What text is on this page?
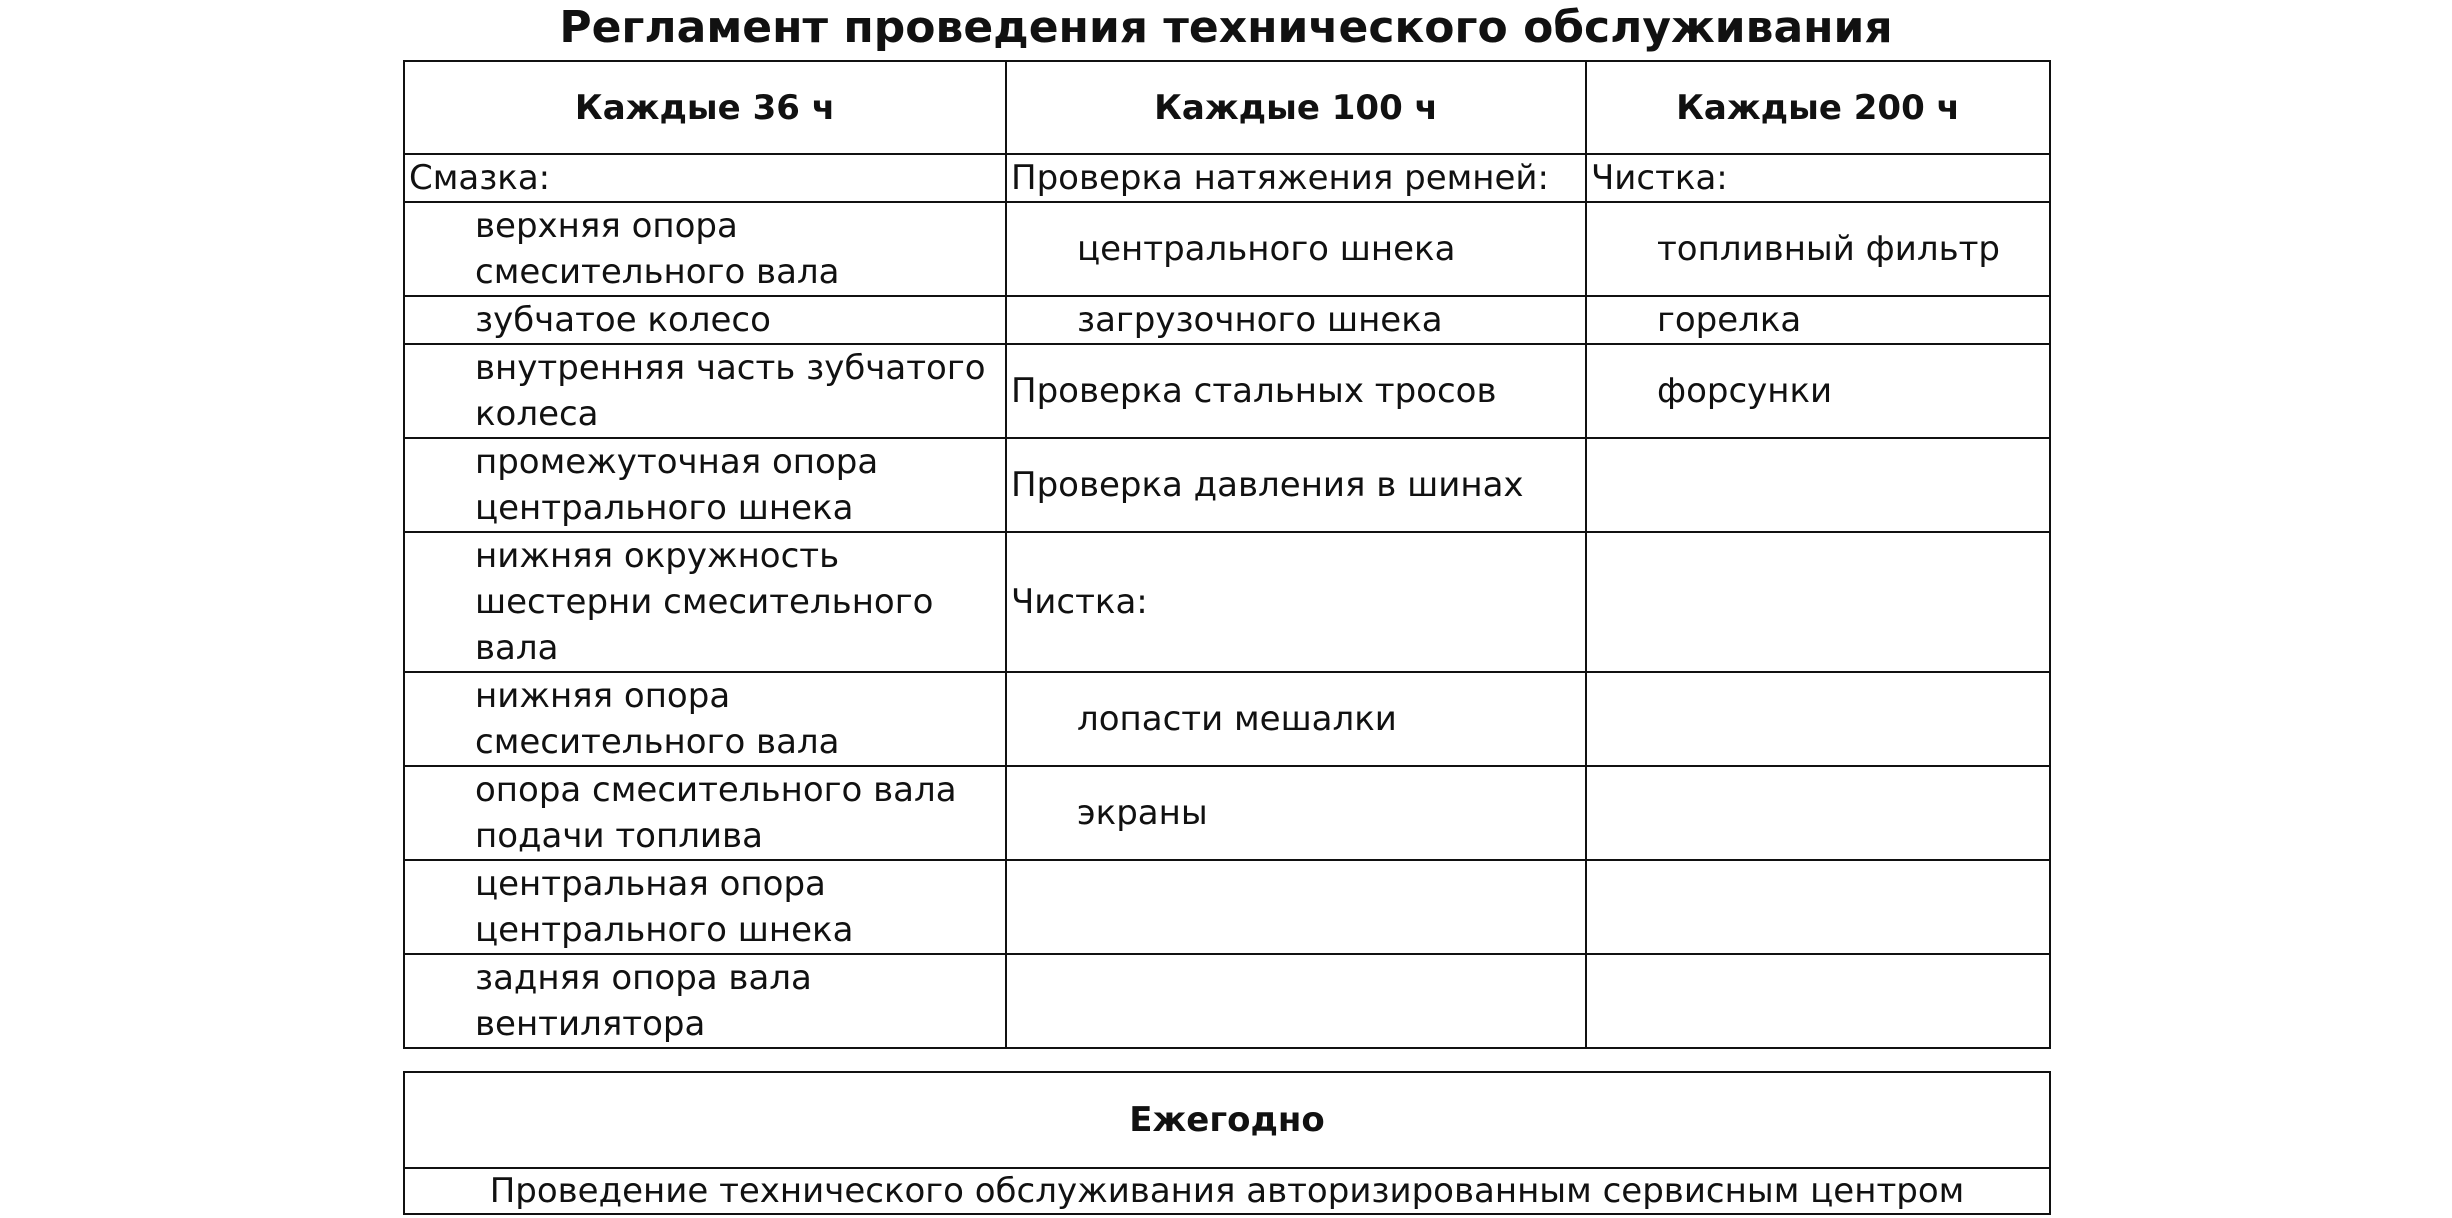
Регламент проведения технического обслуживания
Каждые 36 ч	Каждые 100 ч	Каждые 200 ч
Смазка:	Проверка натяжения ремней:	Чистка:
верхняя опора смесительного вала	центрального шнека	топливный фильтр
зубчатое колесо	загрузочного шнека	горелка
внутренняя часть зубчатого колеса	Проверка стальных тросов	форсунки
промежуточная опора центрального шнека	Проверка давления в шинах	
нижняя окружность шестерни смесительного вала	Чистка:	
нижняя опора смесительного вала	лопасти мешалки	
опора смесительного вала подачи топлива	экраны	
центральная опора центрального шнека		
задняя опора вала вентилятора		
Ежегодно
Проведение технического обслуживания авторизированным сервисным центром
